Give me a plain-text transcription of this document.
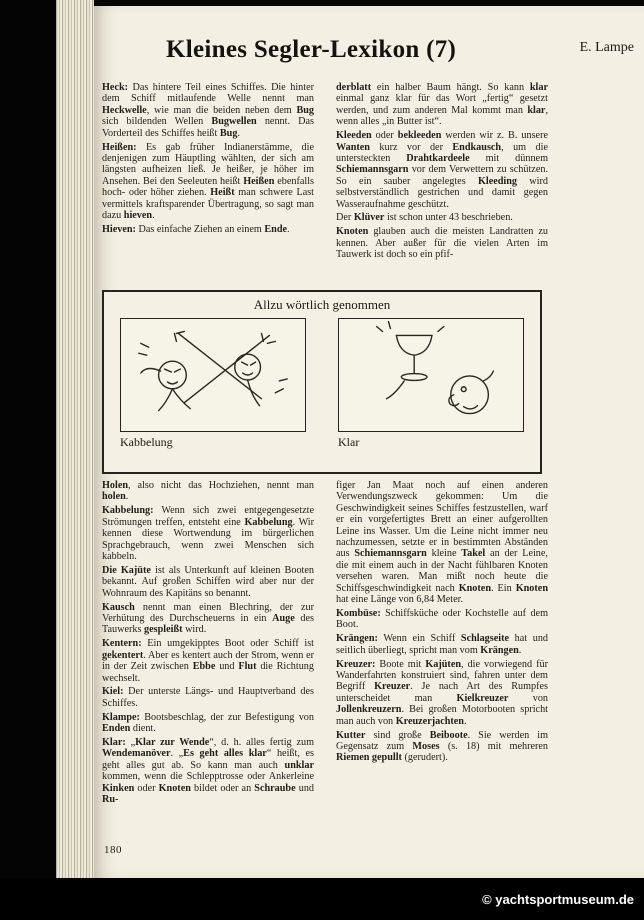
Kleines Segler-Lexikon (7)	E. Lampe

Heck: Das hintere Teil eines Schiffes. Die hinter dem Schiff mitlaufende Welle nennt man Heckwelle, wie man die beiden neben dem Bug sich bildenden Wellen Bugwellen nennt. Das Vorderteil des Schiffes heißt Bug.

Heißen: Es gab früher Indianerstämme, die denjenigen zum Häuptling wählten, der sich am längsten aufheizen ließ. Je heißer, je höher im Ansehen. Bei den Seeleuten heißt Heißen ebenfalls hoch- oder höher ziehen. Heißt man schwere Last vermittels kraftsparender Übertragung, so sagt man dazu hieven.

Hieven: Das einfache Ziehen an einem Ende.

derblatt ein halber Baum hängt. So kann klar einmal ganz klar für das Wort „fertig“ gesetzt werden, und zum anderen Mal kommt man klar, wenn alles „in Butter ist“.

Kleeden oder bekleeden werden wir z. B. unsere Wanten kurz vor der Endkausch, um die untersteckten Drahtkardeele mit dünnem Schiemannsgarn vor dem Verwettern zu schützen. So ein sauber angelegtes Kleeding wird selbstverständlich gestrichen und damit gegen Wasseraufnahme geschützt.

Der Klüver ist schon unter 43 beschrieben.

Knoten glauben auch die meisten Landratten zu kennen. Aber außer für die vielen Arten im Tauwerk ist doch so ein pfif-

Allzu wörtlich genommen
Kabbelung	Klar

Holen, also nicht das Hochziehen, nennt man holen.

Kabbelung: Wenn sich zwei entgegengesetzte Strömungen treffen, entsteht eine Kabbelung. Wir kennen diese Wortwendung im bürgerlichen Sprachgebrauch, wenn zwei Menschen sich kabbeln.

Die Kajüte ist als Unterkunft auf kleinen Booten bekannt. Auf großen Schiffen wird aber nur der Wohnraum des Kapitäns so benannt.

Kausch nennt man einen Blechring, der zur Verhütung des Durchscheuerns in ein Auge des Tauwerks gespleißt wird.

Kentern: Ein umgekipptes Boot oder Schiff ist gekentert. Aber es kentert auch der Strom, wenn er in der Zeit zwischen Ebbe und Flut die Richtung wechselt.

Kiel: Der unterste Längs- und Hauptverband des Schiffes.

Klampe: Bootsbeschlag, der zur Befestigung von Enden dient.

Klar: „Klar zur Wende“, d. h. alles fertig zum Wendemanöver. „Es geht alles klar“ heißt, es geht alles gut ab. So kann man auch unklar kommen, wenn die Schlepptrosse oder Ankerleine Kinken oder Knoten bildet oder an Schraube und Ru-

figer Jan Maat noch auf einen anderen Verwendungszweck gekommen: Um die Geschwindigkeit seines Schiffes festzustellen, warf er ein vorgefertigtes Brett an einer aufgerollten Leine ins Wasser. Um die Leine nicht immer neu nachzumessen, setzte er in bestimmten Abständen aus Schiemannsgarn kleine Takel an der Leine, die mit einem auch in der Nacht fühlbaren Knoten versehen waren. Man mißt noch heute die Schiffsgeschwindigkeit nach Knoten. Ein Knoten hat eine Länge von 6,84 Meter.

Kombüse: Schiffsküche oder Kochstelle auf dem Boot.

Krängen: Wenn ein Schiff Schlagseite hat und seitlich überliegt, spricht man vom Krängen.

Kreuzer: Boote mit Kajüten, die vorwiegend für Wanderfahrten konstruiert sind, fahren unter dem Begriff Kreuzer. Je nach Art des Rumpfes unterscheidet man Kielkreuzer von Jollenkreuzern. Bei großen Motorbooten spricht man auch von Kreuzerjachten.

Kutter sind große Beiboote. Sie werden im Gegensatz zum Moses (s. 18) mit mehreren Riemen gepullt (gerudert).

180
© yachtsportmuseum.de
